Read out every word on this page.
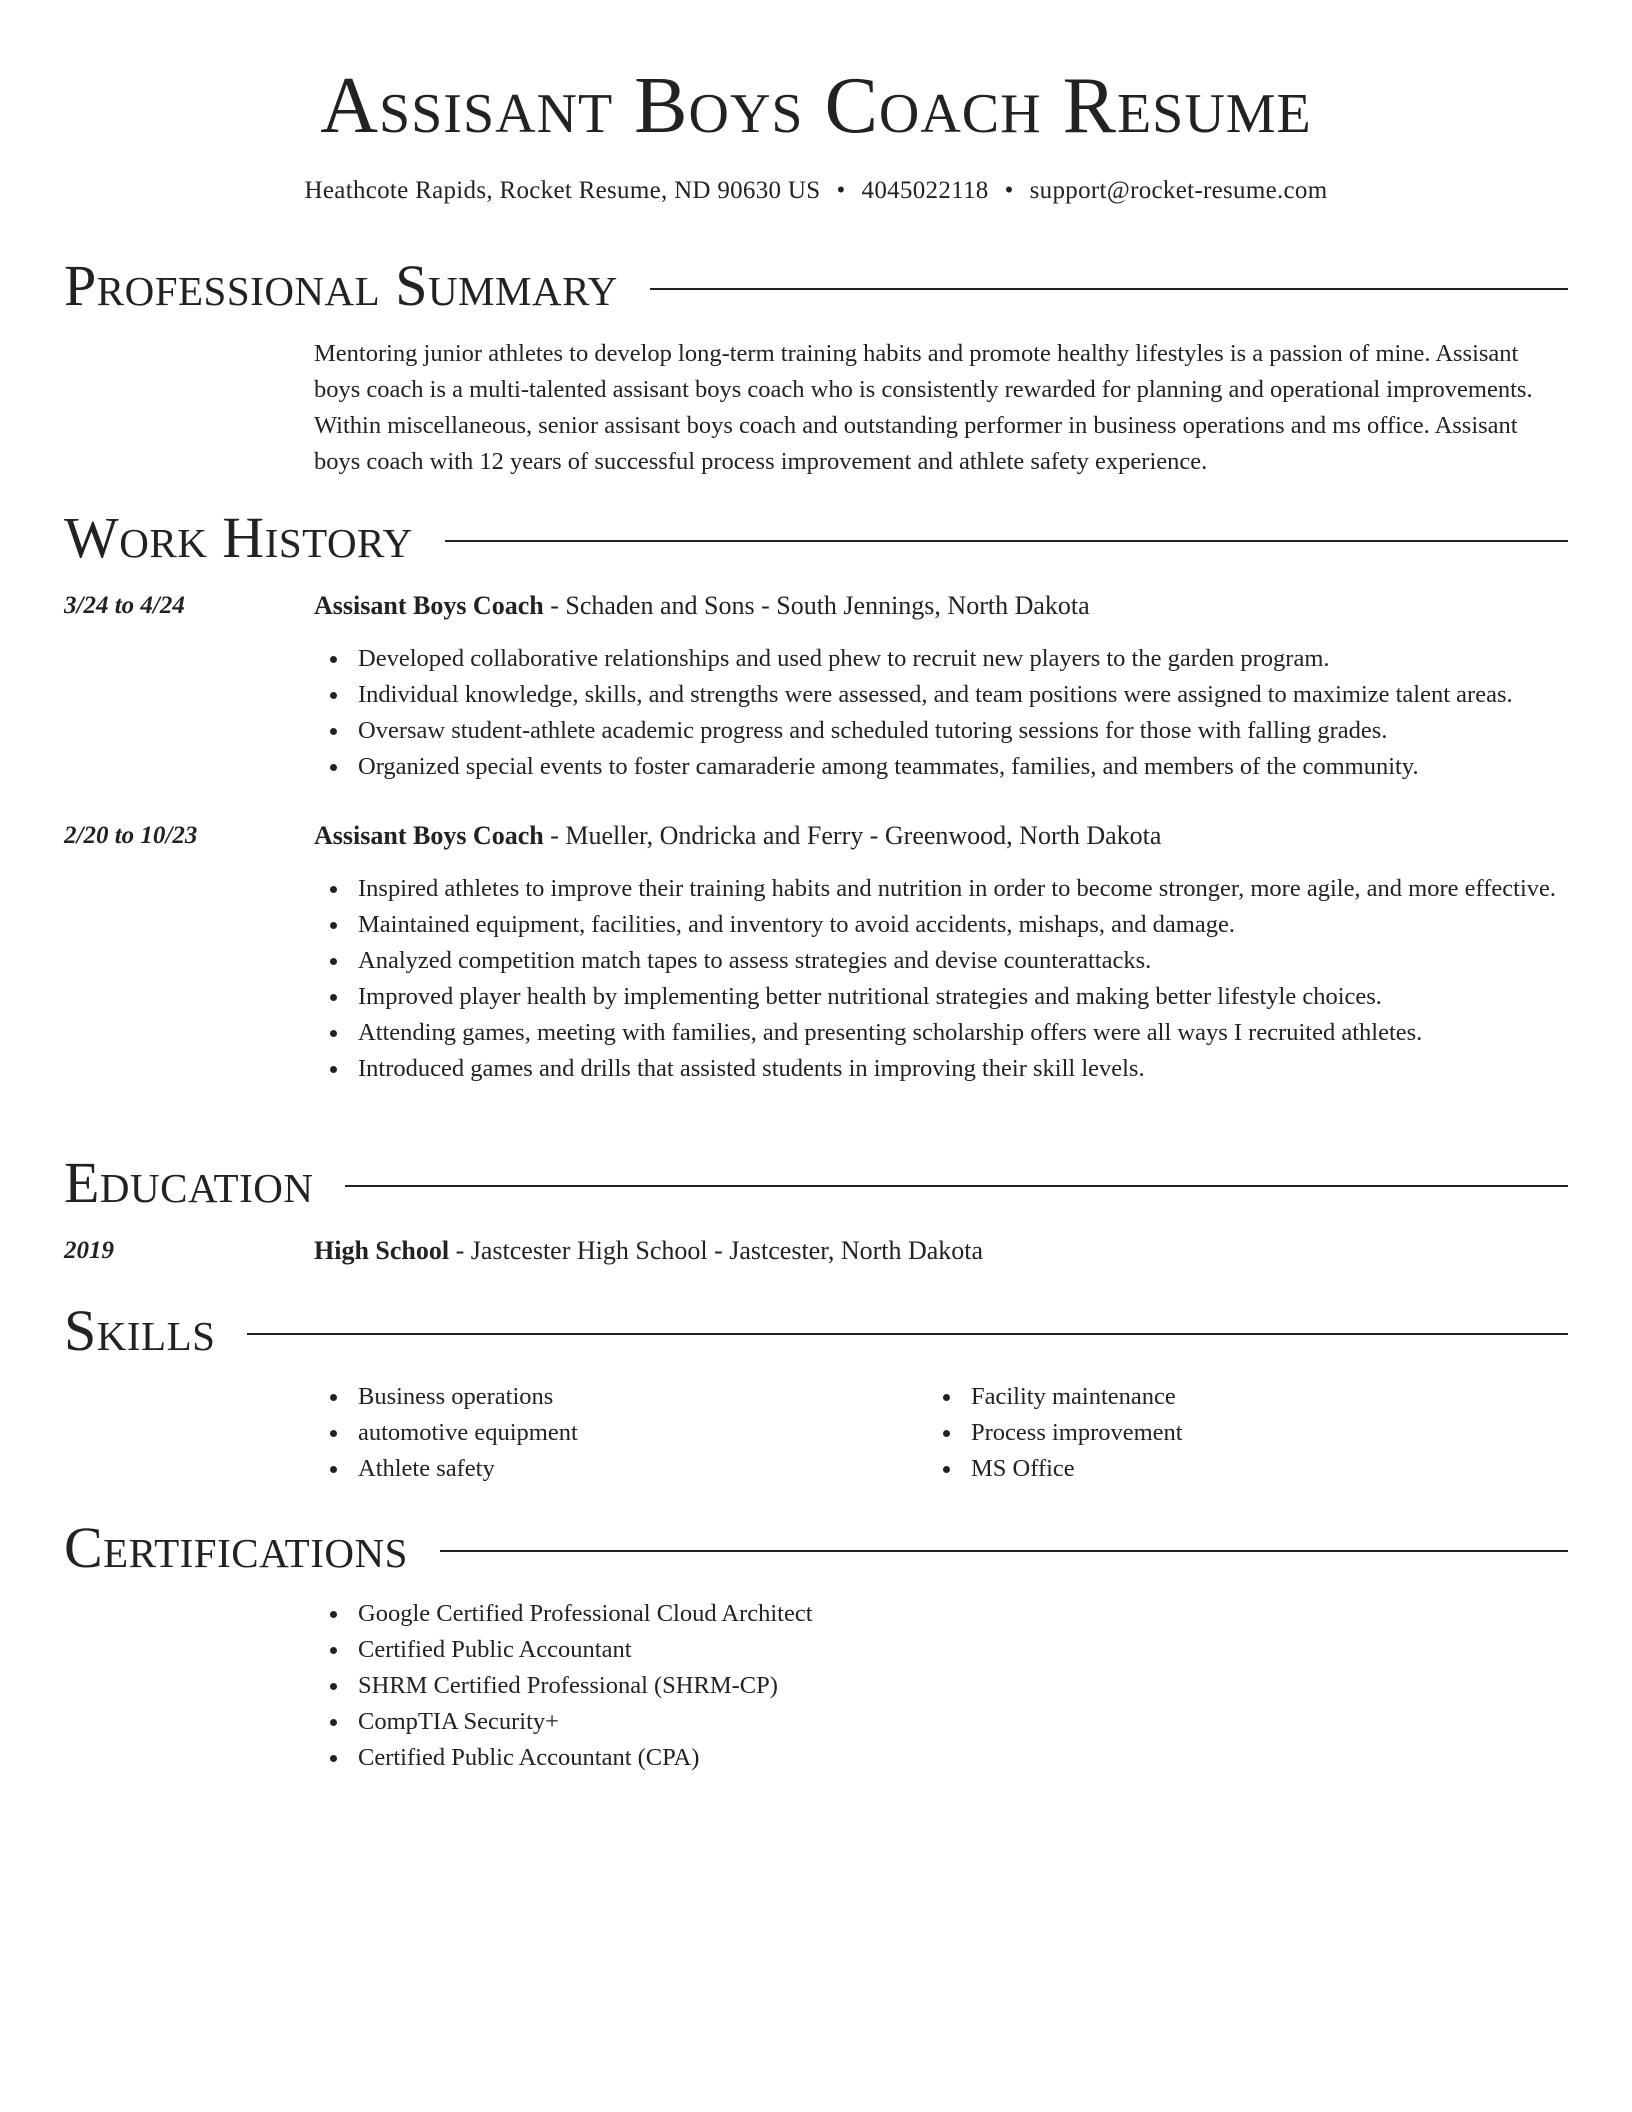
Assisant Boys Coach Resume
Heathcote Rapids, Rocket Resume, ND 90630 US • 4045022118 • support@rocket-resume.com
Professional Summary
Mentoring junior athletes to develop long-term training habits and promote healthy lifestyles is a passion of mine. Assisant boys coach is a multi-talented assisant boys coach who is consistently rewarded for planning and operational improvements. Within miscellaneous, senior assisant boys coach and outstanding performer in business operations and ms office. Assisant boys coach with 12 years of successful process improvement and athlete safety experience.
Work History
3/24 to 4/24	Assisant Boys Coach - Schaden and Sons - South Jennings, North Dakota
Developed collaborative relationships and used phew to recruit new players to the garden program.
Individual knowledge, skills, and strengths were assessed, and team positions were assigned to maximize talent areas.
Oversaw student-athlete academic progress and scheduled tutoring sessions for those with falling grades.
Organized special events to foster camaraderie among teammates, families, and members of the community.
2/20 to 10/23	Assisant Boys Coach - Mueller, Ondricka and Ferry - Greenwood, North Dakota
Inspired athletes to improve their training habits and nutrition in order to become stronger, more agile, and more effective.
Maintained equipment, facilities, and inventory to avoid accidents, mishaps, and damage.
Analyzed competition match tapes to assess strategies and devise counterattacks.
Improved player health by implementing better nutritional strategies and making better lifestyle choices.
Attending games, meeting with families, and presenting scholarship offers were all ways I recruited athletes.
Introduced games and drills that assisted students in improving their skill levels.
Education
2019	High School - Jastcester High School - Jastcester, North Dakota
Skills
Business operations
automotive equipment
Athlete safety
Facility maintenance
Process improvement
MS Office
Certifications
Google Certified Professional Cloud Architect
Certified Public Accountant
SHRM Certified Professional (SHRM-CP)
CompTIA Security+
Certified Public Accountant (CPA)
